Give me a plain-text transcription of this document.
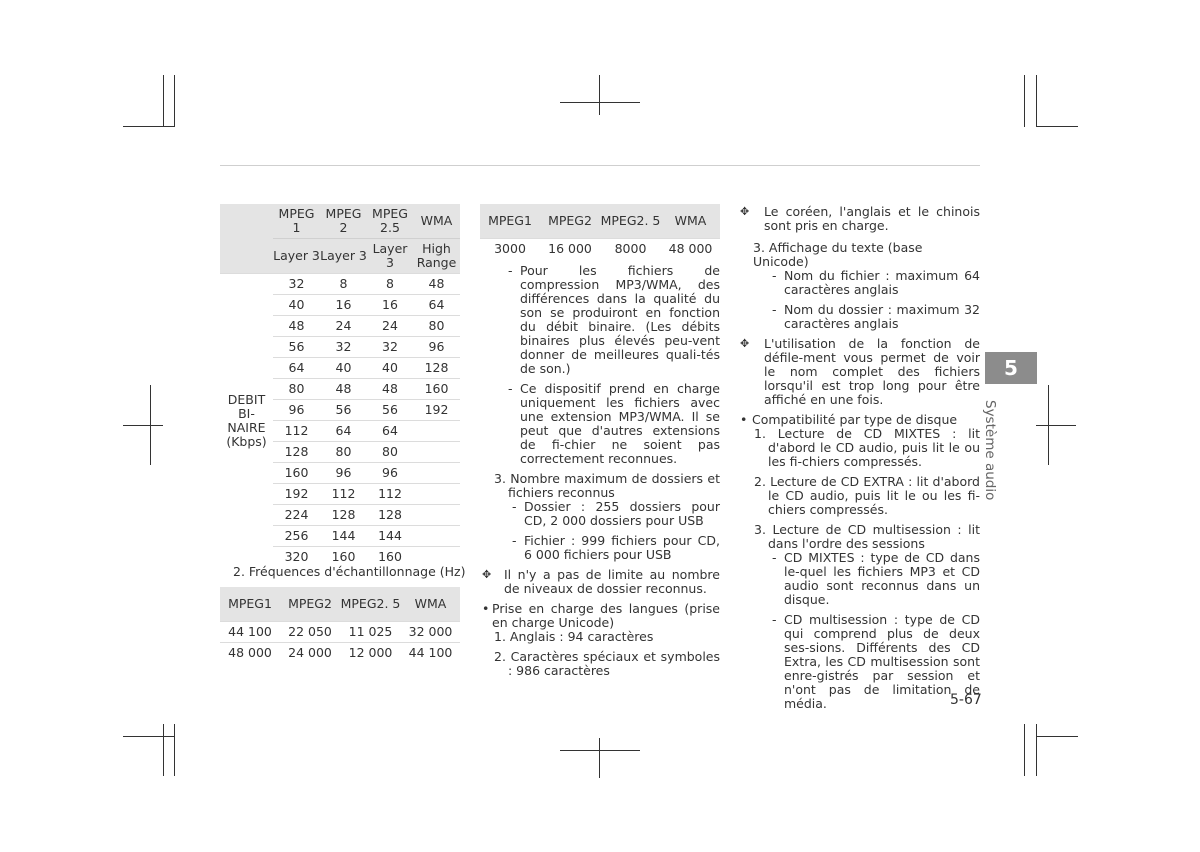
	MPEG 1	MPEG 2	MPEG 2.5	WMA
	Layer 3	Layer 3	Layer 3	High Range
DEBIT BI-NAIRE (Kbps)	32	8	8	48
	40	16	16	64
	48	24	24	80
	56	32	32	96
	64	40	40	128
	80	48	48	160
	96	56	56	192
	112	64	64	
	128	80	80	
	160	96	96	
	192	112	112	
	224	128	128	
	256	144	144	
	320	160	160	
2. Fréquences d'échantillonnage (Hz)
MPEG1	MPEG2	MPEG2. 5	WMA
44 100	22 050	11 025	32 000
48 000	24 000	12 000	44 100
MPEG1	MPEG2	MPEG2. 5	WMA
3000	16 000	8000	48 000
- Pour les fichiers de compression MP3/WMA, des différences dans la qualité du son se produiront en fonction du débit binaire. (Les débits binaires plus élevés peu-vent donner de meilleures quali-tés de son.)
- Ce dispositif prend en charge uniquement les fichiers avec une extension MP3/WMA. Il se peut que d'autres extensions de fi-chier ne soient pas correctement reconnues.
3. Nombre maximum de dossiers et fichiers reconnus
- Dossier : 255 dossiers pour CD, 2 000 dossiers pour USB
- Fichier : 999 fichiers pour CD, 6 000 fichiers pour USB
✥	Il n'y a pas de limite au nombre de niveaux de dossier reconnus.
• Prise en charge des langues (prise en charge Unicode)
1. Anglais : 94 caractères
2. Caractères spéciaux et symboles : 986 caractères
✥	Le coréen, l'anglais et le chinois sont pris en charge.
3. Affichage du texte (base Unicode)
- Nom du fichier : maximum 64 caractères anglais
- Nom du dossier : maximum 32 caractères anglais
✥	L'utilisation de la fonction de défile-ment vous permet de voir le nom complet des fichiers lorsqu'il est trop long pour être affiché en une fois.
• Compatibilité par type de disque
1. Lecture de CD MIXTES : lit d'abord le CD audio, puis lit le ou les fi-chiers compressés.
2. Lecture de CD EXTRA : lit d'abord le CD audio, puis lit le ou les fi-chiers compressés.
3. Lecture de CD multisession : lit dans l'ordre des sessions
- CD MIXTES : type de CD dans le-quel les fichiers MP3 et CD audio sont reconnus dans un disque.
- CD multisession : type de CD qui comprend plus de deux ses-sions. Différents des CD Extra, les CD multisession sont enre-gistrés par session et n'ont pas de limitation de média.
5
Système audio
5-67
